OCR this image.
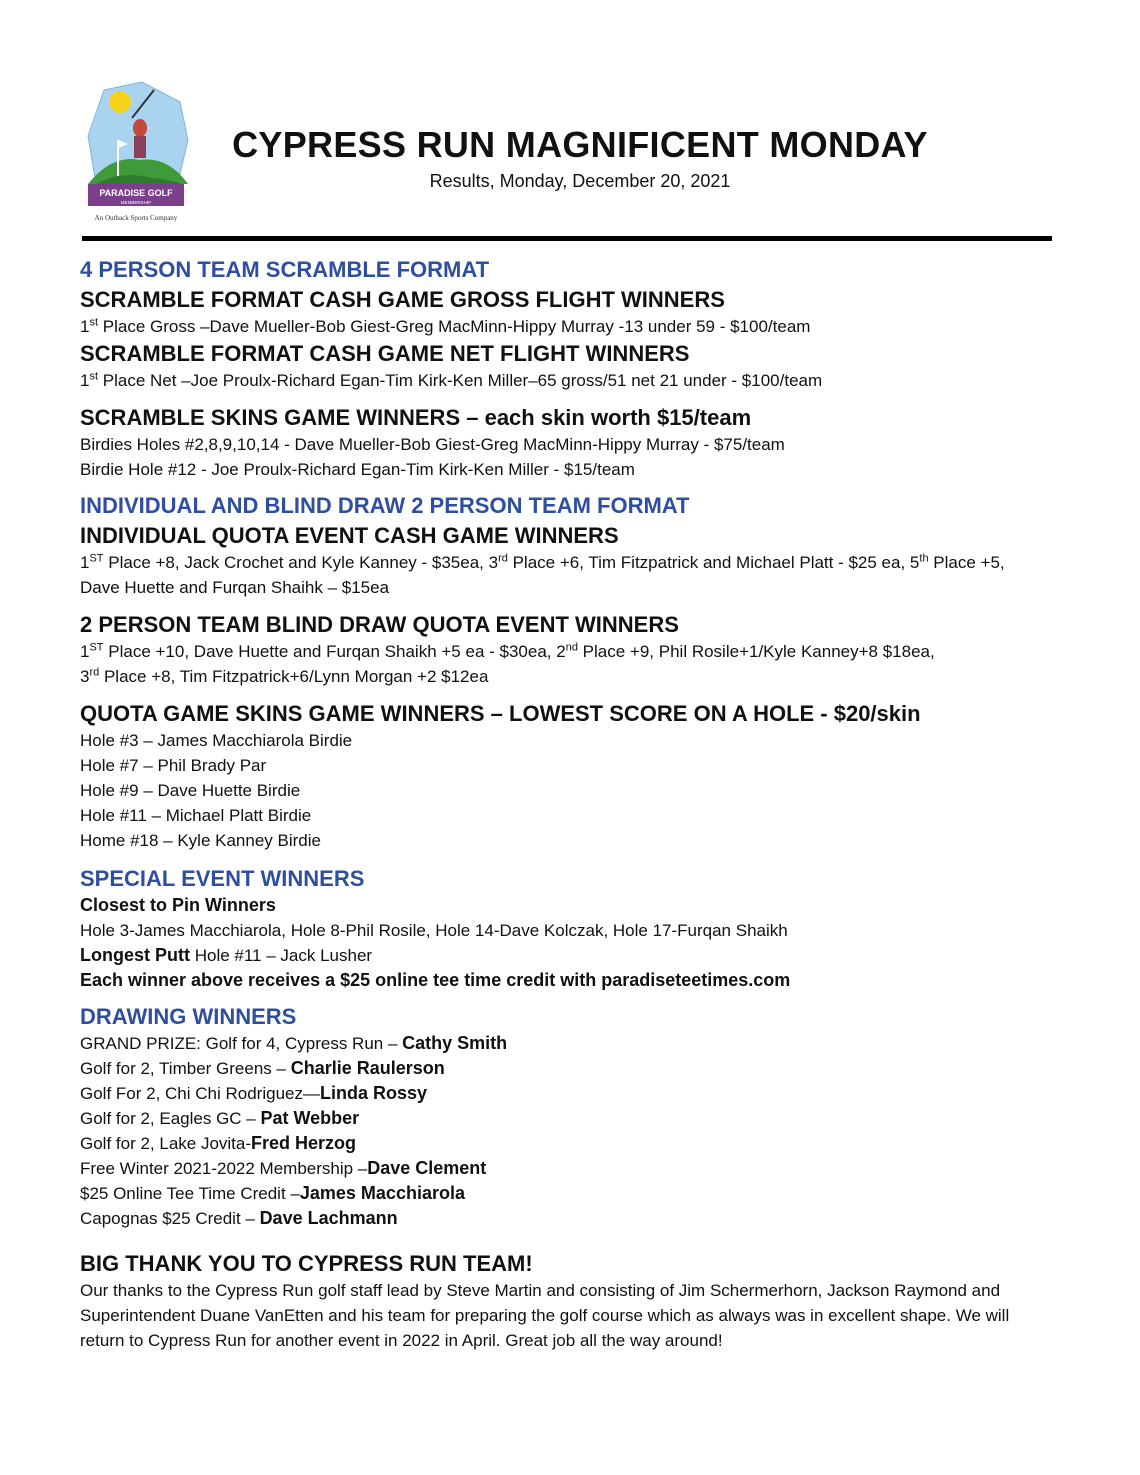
PARADISE GOLF
MEMBERSHIP
An Outback Sports Company
CYPRESS RUN MAGNIFICENT MONDAY
Results, Monday, December 20, 2021

4 PERSON TEAM SCRAMBLE FORMAT

SCRAMBLE FORMAT CASH GAME GROSS FLIGHT WINNERS

1st Place Gross –Dave Mueller-Bob Giest-Greg MacMinn-Hippy Murray -13 under 59 - $100/team

SCRAMBLE FORMAT CASH GAME NET FLIGHT WINNERS

1st Place Net –Joe Proulx-Richard Egan-Tim Kirk-Ken Miller–65 gross/51 net 21 under - $100/team

SCRAMBLE SKINS GAME WINNERS – each skin worth $15/team

Birdies Holes #2,8,9,10,14 - Dave Mueller-Bob Giest-Greg MacMinn-Hippy Murray - $75/team

Birdie Hole #12 - Joe Proulx-Richard Egan-Tim Kirk-Ken Miller - $15/team

INDIVIDUAL AND BLIND DRAW 2 PERSON TEAM FORMAT

INDIVIDUAL QUOTA EVENT CASH GAME WINNERS

1ST Place +8, Jack Crochet and Kyle Kanney - $35ea, 3rd Place +6, Tim Fitzpatrick and Michael Platt - $25 ea, 5th Place +5,

Dave Huette and Furqan Shaihk – $15ea

2 PERSON TEAM BLIND DRAW QUOTA EVENT WINNERS

1ST Place +10, Dave Huette and Furqan Shaikh +5 ea - $30ea, 2nd Place +9, Phil Rosile+1/Kyle Kanney+8 $18ea,

3rd Place +8, Tim Fitzpatrick+6/Lynn Morgan +2 $12ea

QUOTA GAME SKINS GAME WINNERS – LOWEST SCORE ON A HOLE - $20/skin

Hole #3 – James Macchiarola Birdie

Hole #7 – Phil Brady Par

Hole #9 – Dave Huette Birdie

Hole #11 – Michael Platt Birdie

Home #18 – Kyle Kanney Birdie

SPECIAL EVENT WINNERS

Closest to Pin Winners

Hole 3-James Macchiarola, Hole 8-Phil Rosile, Hole 14-Dave Kolczak, Hole 17-Furqan Shaikh

Longest Putt Hole #11 – Jack Lusher

Each winner above receives a $25 online tee time credit with paradiseteetimes.com

DRAWING WINNERS

GRAND PRIZE: Golf for 4, Cypress Run – Cathy Smith

Golf for 2, Timber Greens – Charlie Raulerson

Golf For 2, Chi Chi Rodriguez—Linda Rossy

Golf for 2, Eagles GC – Pat Webber

Golf for 2, Lake Jovita-Fred Herzog

Free Winter 2021-2022 Membership –Dave Clement

$25 Online Tee Time Credit –James Macchiarola

Capognas $25 Credit – Dave Lachmann

BIG THANK YOU TO CYPRESS RUN TEAM!

Our thanks to the Cypress Run golf staff lead by Steve Martin and consisting of Jim Schermerhorn, Jackson Raymond and

Superintendent Duane VanEtten and his team for preparing the golf course which as always was in excellent shape. We will

return to Cypress Run for another event in 2022 in April. Great job all the way around!
